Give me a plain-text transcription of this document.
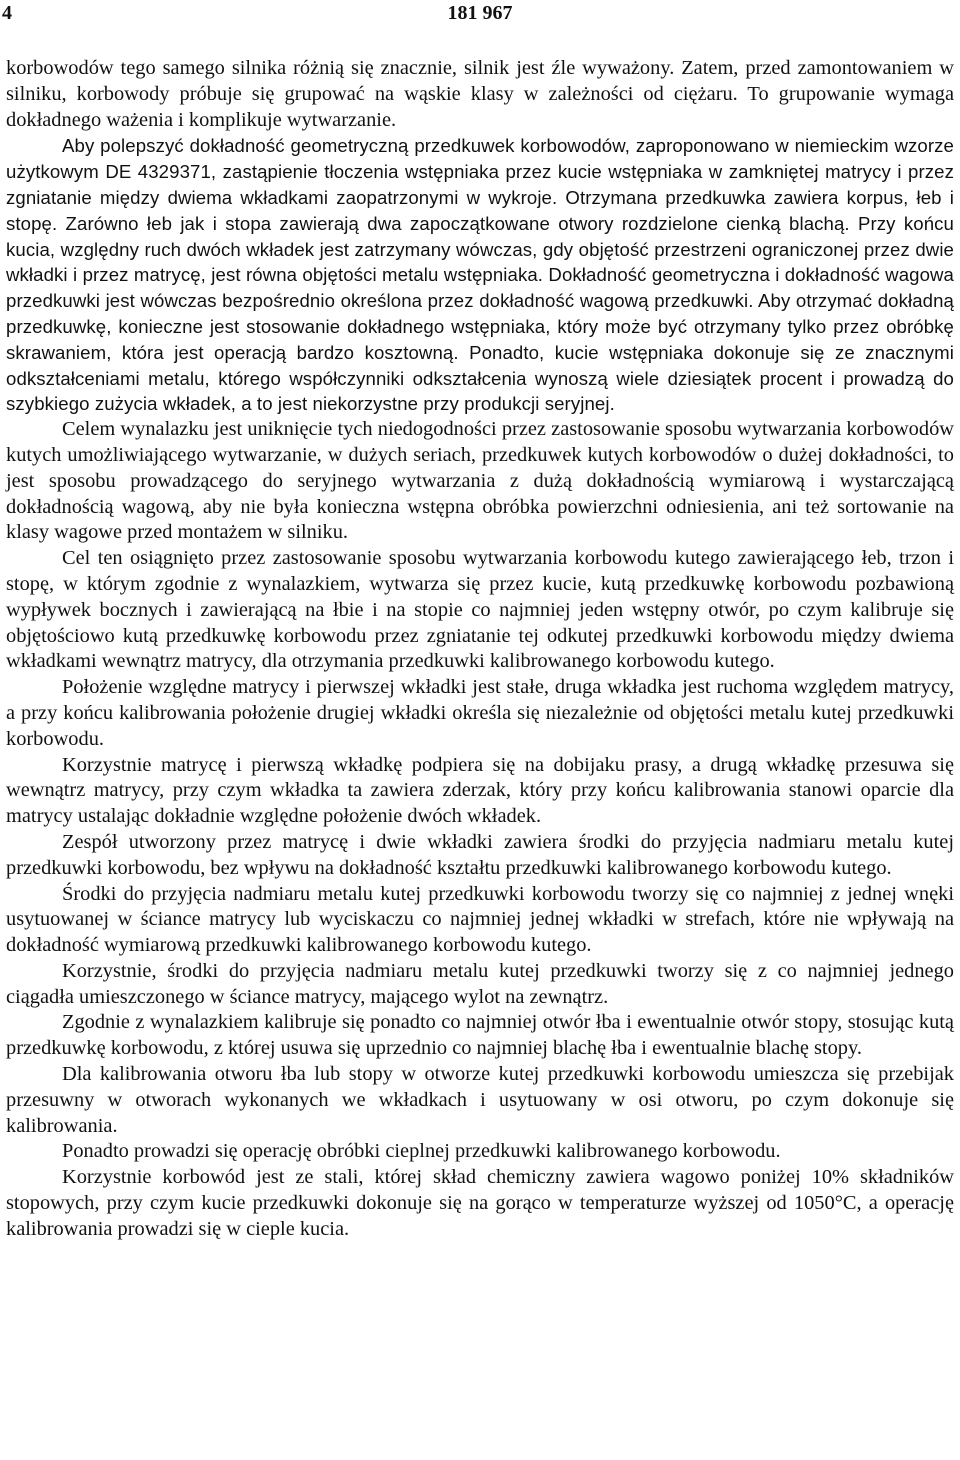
4	181 967

korbowodów tego samego silnika różnią się znacznie, silnik jest źle wyważony. Zatem, przed zamontowaniem w silniku, korbowody próbuje się grupować na wąskie klasy w zależności od ciężaru. To grupowanie wymaga dokładnego ważenia i komplikuje wytwarzanie.

Aby polepszyć dokładność geometryczną przedkuwek korbowodów, zaproponowano w niemieckim wzorze użytkowym DE 4329371, zastąpienie tłoczenia wstępniaka przez kucie wstępniaka w zamkniętej matrycy i przez zgniatanie między dwiema wkładkami zaopatrzonymi w wykroje. Otrzymana przedkuwka zawiera korpus, łeb i stopę. Zarówno łeb jak i stopa zawierają dwa zapoczątkowane otwory rozdzielone cienką blachą. Przy końcu kucia, względny ruch dwóch wkładek jest zatrzymany wówczas, gdy objętość przestrzeni ograniczonej przez dwie wkładki i przez matrycę, jest równa objętości metalu wstępniaka. Dokładność geometryczna i dokładność wagowa przedkuwki jest wówczas bezpośrednio określona przez dokładność wagową przedkuwki. Aby otrzymać dokładną przedkuwkę, konieczne jest stosowanie dokładnego wstępniaka, który może być otrzymany tylko przez obróbkę skrawaniem, która jest operacją bardzo kosztowną. Ponadto, kucie wstępniaka dokonuje się ze znacznymi odkształceniami metalu, którego współczynniki odkształcenia wynoszą wiele dziesiątek procent i prowadzą do szybkiego zużycia wkładek, a to jest niekorzystne przy produkcji seryjnej.

Celem wynalazku jest uniknięcie tych niedogodności przez zastosowanie sposobu wytwarzania korbowodów kutych umożliwiającego wytwarzanie, w dużych seriach, przedkuwek kutych korbowodów o dużej dokładności, to jest sposobu prowadzącego do seryjnego wytwarzania z dużą dokładnością wymiarową i wystarczającą dokładnością wagową, aby nie była konieczna wstępna obróbka powierzchni odniesienia, ani też sortowanie na klasy wagowe przed montażem w silniku.

Cel ten osiągnięto przez zastosowanie sposobu wytwarzania korbowodu kutego zawierającego łeb, trzon i stopę, w którym zgodnie z wynalazkiem, wytwarza się przez kucie, kutą przedkuwkę korbowodu pozbawioną wypływek bocznych i zawierającą na łbie i na stopie co najmniej jeden wstępny otwór, po czym kalibruje się objętościowo kutą przedkuwkę korbowodu przez zgniatanie tej odkutej przedkuwki korbowodu między dwiema wkładkami wewnątrz matrycy, dla otrzymania przedkuwki kalibrowanego korbowodu kutego.

Położenie względne matrycy i pierwszej wkładki jest stałe, druga wkładka jest ruchoma względem matrycy, a przy końcu kalibrowania położenie drugiej wkładki określa się niezależnie od objętości metalu kutej przedkuwki korbowodu.

Korzystnie matrycę i pierwszą wkładkę podpiera się na dobijaku prasy, a drugą wkładkę przesuwa się wewnątrz matrycy, przy czym wkładka ta zawiera zderzak, który przy końcu kalibrowania stanowi oparcie dla matrycy ustalając dokładnie względne położenie dwóch wkładek.

Zespół utworzony przez matrycę i dwie wkładki zawiera środki do przyjęcia nadmiaru metalu kutej przedkuwki korbowodu, bez wpływu na dokładność kształtu przedkuwki kalibrowanego korbowodu kutego.

Środki do przyjęcia nadmiaru metalu kutej przedkuwki korbowodu tworzy się co najmniej z jednej wnęki usytuowanej w ściance matrycy lub wyciskaczu co najmniej jednej wkładki w strefach, które nie wpływają na dokładność wymiarową przedkuwki kalibrowanego korbowodu kutego.

Korzystnie, środki do przyjęcia nadmiaru metalu kutej przedkuwki tworzy się z co najmniej jednego ciągadła umieszczonego w ściance matrycy, mającego wylot na zewnątrz.

Zgodnie z wynalazkiem kalibruje się ponadto co najmniej otwór łba i ewentualnie otwór stopy, stosując kutą przedkuwkę korbowodu, z której usuwa się uprzednio co najmniej blachę łba i ewentualnie blachę stopy.

Dla kalibrowania otworu łba lub stopy w otworze kutej przedkuwki korbowodu umieszcza się przebijak przesuwny w otworach wykonanych we wkładkach i usytuowany w osi otworu, po czym dokonuje się kalibrowania.

Ponadto prowadzi się operację obróbki cieplnej przedkuwki kalibrowanego korbowodu.

Korzystnie korbowód jest ze stali, której skład chemiczny zawiera wagowo poniżej 10% składników stopowych, przy czym kucie przedkuwki dokonuje się na gorąco w temperaturze wyższej od 1050°C, a operację kalibrowania prowadzi się w cieple kucia.
